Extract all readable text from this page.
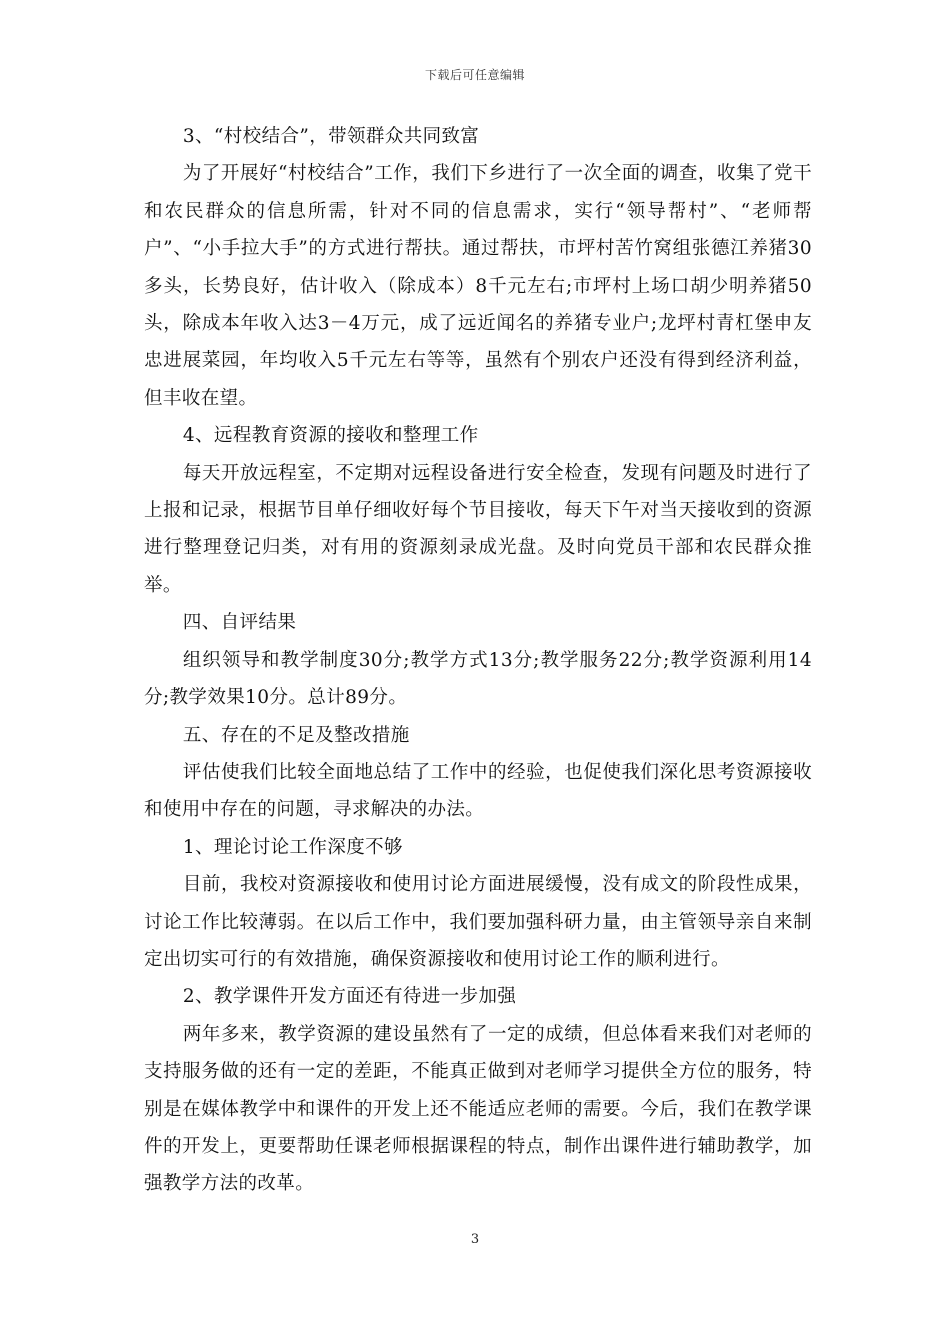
下载后可任意编辑

3、“村校结合”，带领群众共同致富

为了开展好“村校结合”工作，我们下乡进行了一次全面的调查，收集了党干和农民群众的信息所需，针对不同的信息需求，实行“领导帮村”、“老师帮户”、“小手拉大手”的方式进行帮扶。通过帮扶，市坪村苦竹窝组张德江养猪30多头，长势良好，估计收入（除成本）8千元左右;市坪村上场口胡少明养猪50头，除成本年收入达3－4万元，成了远近闻名的养猪专业户;龙坪村青杠堡申友忠进展菜园，年均收入5千元左右等等，虽然有个别农户还没有得到经济利益，但丰收在望。

4、远程教育资源的接收和整理工作

每天开放远程室，不定期对远程设备进行安全检查，发现有问题及时进行了上报和记录，根据节目单仔细收好每个节目接收，每天下午对当天接收到的资源进行整理登记归类，对有用的资源刻录成光盘。及时向党员干部和农民群众推举。

四、自评结果

组织领导和教学制度30分;教学方式13分;教学服务22分;教学资源利用14分;教学效果10分。总计89分。

五、存在的不足及整改措施

评估使我们比较全面地总结了工作中的经验，也促使我们深化思考资源接收和使用中存在的问题，寻求解决的办法。

1、理论讨论工作深度不够

目前，我校对资源接收和使用讨论方面进展缓慢，没有成文的阶段性成果，讨论工作比较薄弱。在以后工作中，我们要加强科研力量，由主管领导亲自来制定出切实可行的有效措施，确保资源接收和使用讨论工作的顺利进行。

2、教学课件开发方面还有待进一步加强

两年多来，教学资源的建设虽然有了一定的成绩，但总体看来我们对老师的支持服务做的还有一定的差距，不能真正做到对老师学习提供全方位的服务，特别是在媒体教学中和课件的开发上还不能适应老师的需要。今后，我们在教学课件的开发上，更要帮助任课老师根据课程的特点，制作出课件进行辅助教学，加强教学方法的改革。

3
